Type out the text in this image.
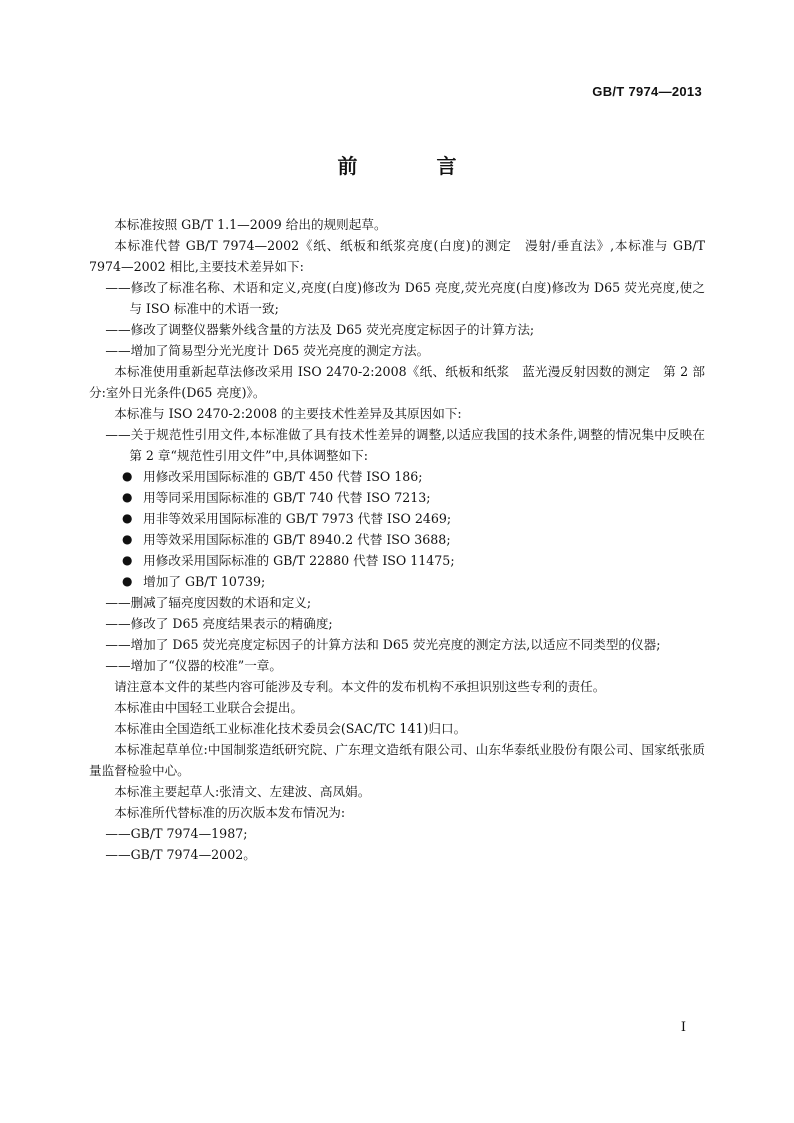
GB/T 7974—2013
前 言

本标准按照 GB/T 1.1—2009 给出的规则起草。

本标准代替 GB/T 7974—2002《纸、纸板和纸浆亮度(白度)的测定　漫射/垂直法》,本标准与 GB/T 7974—2002 相比,主要技术差异如下:

——修改了标准名称、术语和定义,亮度(白度)修改为 D65 亮度,荧光亮度(白度)修改为 D65 荧光亮度,使之与 ISO 标准中的术语一致;

——修改了调整仪器紫外线含量的方法及 D65 荧光亮度定标因子的计算方法;

——增加了简易型分光光度计 D65 荧光亮度的测定方法。

本标准使用重新起草法修改采用 ISO 2470-2:2008《纸、纸板和纸浆　蓝光漫反射因数的测定　第 2 部分:室外日光条件(D65 亮度)》。

本标准与 ISO 2470-2:2008 的主要技术性差异及其原因如下:

——关于规范性引用文件,本标准做了具有技术性差异的调整,以适应我国的技术条件,调整的情况集中反映在第 2 章“规范性引用文件”中,具体调整如下:

● 用修改采用国际标准的 GB/T 450 代替 ISO 186;
● 用等同采用国际标准的 GB/T 740 代替 ISO 7213;
● 用非等效采用国际标准的 GB/T 7973 代替 ISO 2469;
● 用等效采用国际标准的 GB/T 8940.2 代替 ISO 3688;
● 用修改采用国际标准的 GB/T 22880 代替 ISO 11475;
● 增加了 GB/T 10739;

——删减了辐亮度因数的术语和定义;

——修改了 D65 亮度结果表示的精确度;

——增加了 D65 荧光亮度定标因子的计算方法和 D65 荧光亮度的测定方法,以适应不同类型的仪器;

——增加了“仪器的校准”一章。

请注意本文件的某些内容可能涉及专利。本文件的发布机构不承担识别这些专利的责任。

本标准由中国轻工业联合会提出。

本标准由全国造纸工业标准化技术委员会(SAC/TC 141)归口。

本标准起草单位:中国制浆造纸研究院、广东理文造纸有限公司、山东华泰纸业股份有限公司、国家纸张质量监督检验中心。

本标准主要起草人:张清文、左建波、高凤娟。

本标准所代替标准的历次版本发布情况为:

——GB/T 7974—1987;

——GB/T 7974—2002。

I
